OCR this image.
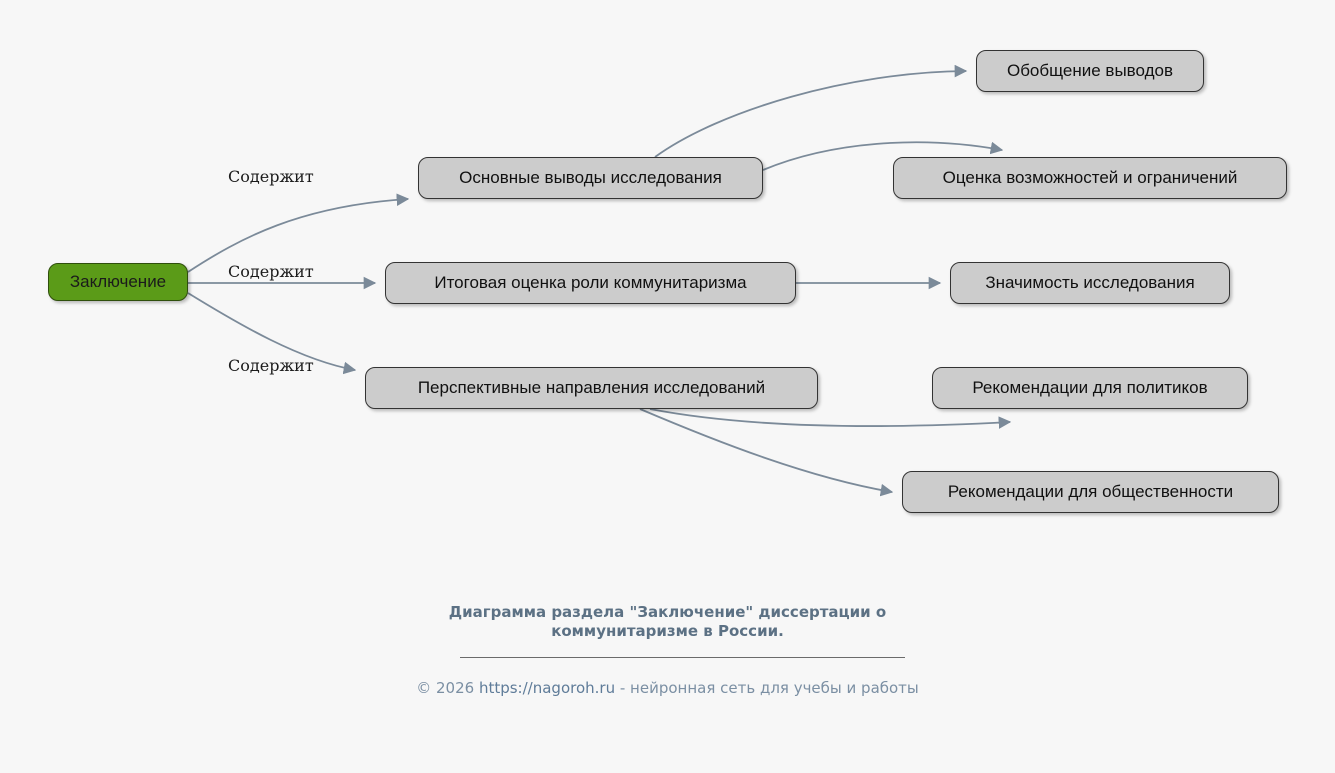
Заключение
Основные выводы исследования
Обобщение выводов
Оценка возможностей и ограничений
Итоговая оценка роли коммунитаризма	Значимость исследования
Перспективные направления исследований	Рекомендации для политиков
Рекомендации для общественности
Содержит
Содержит
Содержит
Диаграмма раздела "Заключение" диссертации о
коммунитаризме в России.
© 2026 https://nagoroh.ru - нейронная сеть для учебы и работы
